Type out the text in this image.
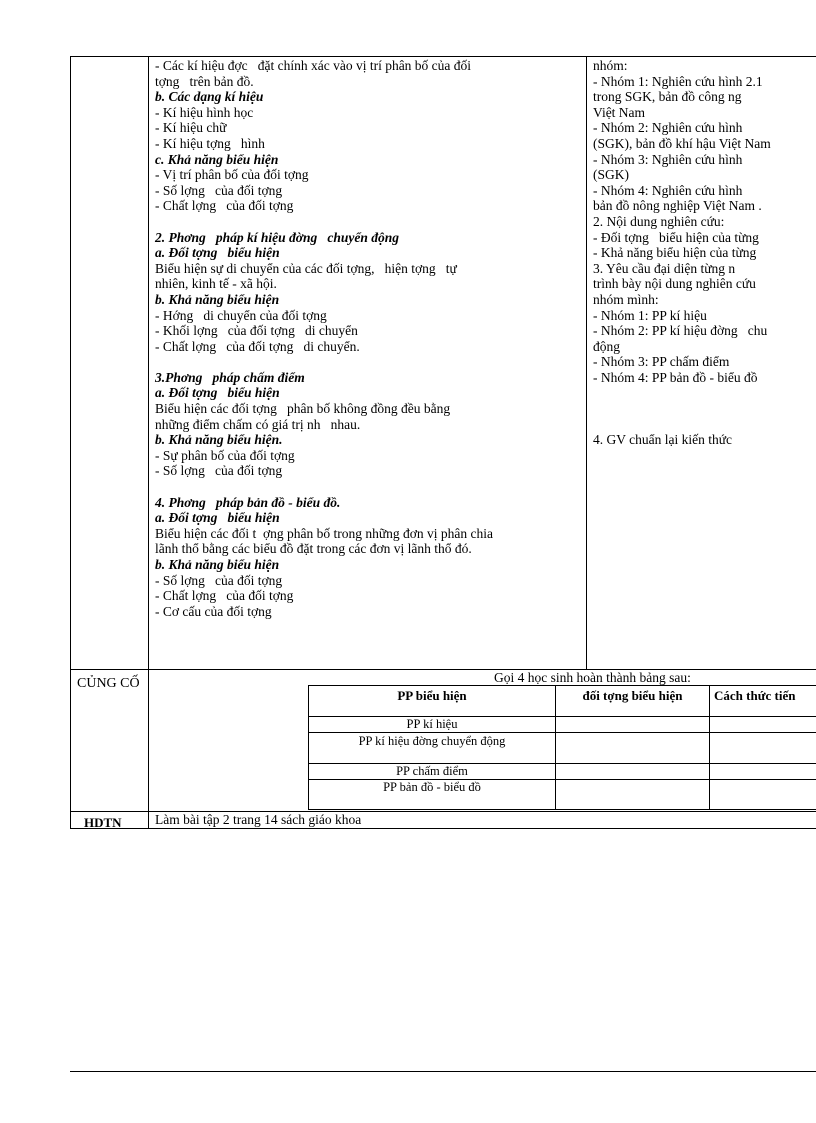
- Các kí hiệu đợc   đặt chính xác vào vị trí phân bố của đối
tợng   trên bản đồ.
b. Các dạng kí hiệu
- Kí hiệu hình học
- Kí hiệu chữ
- Kí hiệu tợng   hình
c. Khả năng biểu hiện
- Vị trí phân bố của đối tợng
- Số lợng   của đối tợng
- Chất lợng   của đối tợng
2. Phơng   pháp kí hiệu đờng   chuyển động
a. Đối tợng   biểu hiện
Biểu hiện sự di chuyển của các đối tợng,   hiện tợng   tự
nhiên, kinh tế - xã hội.
b. Khả năng biểu hiện
- Hớng   di chuyển của đối tợng
- Khối lợng   của đối tợng   di chuyển
- Chất lợng   của đối tợng   di chuyển.
3.Phơng   pháp chấm điểm
a. Đối tợng   biểu hiện
Biểu hiện các đối tợng   phân bố không đồng đều bằng
những điểm chấm có giá trị nh   nhau.
b. Khả năng biểu hiện.
- Sự phân bố của đối tợng
- Số lợng   của đối tợng
4. Phơng   pháp bản đồ - biểu đồ.
a. Đối tợng   biểu hiện
Biểu hiện các đối t  ợng phân bố trong những đơn vị phân chia
lãnh thổ bằng các biểu đồ đặt trong các đơn vị lãnh thổ đó.
b. Khả năng biểu hiện
- Số lợng   của đối tợng
- Chất lợng   của đối tợng
- Cơ cấu của đối tợng
nhóm:
- Nhóm 1: Nghiên cứu hình 2.1
trong SGK, bản đồ công ng
Việt Nam
- Nhóm 2: Nghiên cứu hình
(SGK), bản đồ khí hậu Việt Nam
- Nhóm 3: Nghiên cứu hình
(SGK)
- Nhóm 4: Nghiên cứu hình
bản đồ nông nghiệp Việt Nam .
2. Nội dung nghiên cứu:
- Đối tợng   biểu hiện của từng
- Khả năng biểu hiện của từng
3. Yêu cầu đại diện từng n
trình bày nội dung nghiên cứu
nhóm mình:
- Nhóm 1: PP kí hiệu
- Nhóm 2: PP kí hiệu đờng   chu
động
- Nhóm 3: PP chấm điểm
- Nhóm 4: PP bản đồ - biểu đồ
4. GV chuẩn lại kiến thức
CỦNG CỐ	Gọi 4 học sinh hoàn thành bảng sau:
PP biểu hiện	đối tợng biểu hiện	Cách thức tiến
PP kí hiệu
PP kí hiệu đờng chuyển động
PP chấm điểm
PP bản đồ - biểu đồ
HDTN Làm bài tập 2 trang 14 sách giáo khoa
